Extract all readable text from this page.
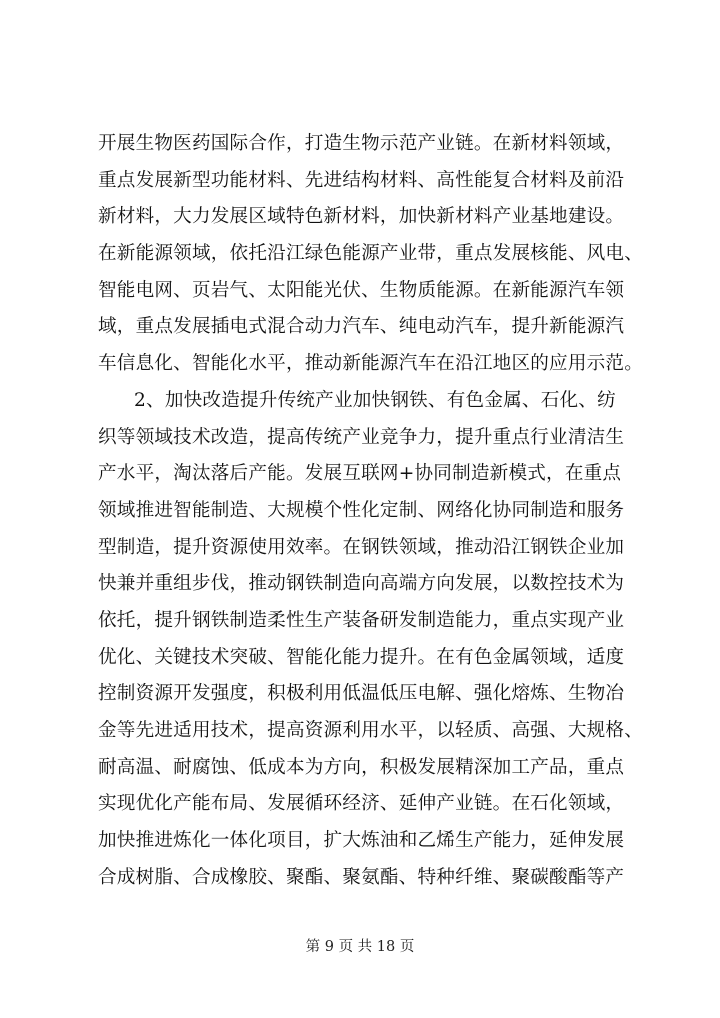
开展生物医药国际合作，打造生物示范产业链。在新材料领域，
重点发展新型功能材料、先进结构材料、高性能复合材料及前沿
新材料，大力发展区域特色新材料，加快新材料产业基地建设。
在新能源领域，依托沿江绿色能源产业带，重点发展核能、风电、
智能电网、页岩气、太阳能光伏、生物质能源。在新能源汽车领
域，重点发展插电式混合动力汽车、纯电动汽车，提升新能源汽
车信息化、智能化水平，推动新能源汽车在沿江地区的应用示范。
2、加快改造提升传统产业加快钢铁、有色金属、石化、纺
织等领域技术改造，提高传统产业竞争力，提升重点行业清洁生
产水平，淘汰落后产能。发展互联网+协同制造新模式，在重点
领域推进智能制造、大规模个性化定制、网络化协同制造和服务
型制造，提升资源使用效率。在钢铁领域，推动沿江钢铁企业加
快兼并重组步伐，推动钢铁制造向高端方向发展，以数控技术为
依托，提升钢铁制造柔性生产装备研发制造能力，重点实现产业
优化、关键技术突破、智能化能力提升。在有色金属领域，适度
控制资源开发强度，积极利用低温低压电解、强化熔炼、生物冶
金等先进适用技术，提高资源利用水平，以轻质、高强、大规格、
耐高温、耐腐蚀、低成本为方向，积极发展精深加工产品，重点
实现优化产能布局、发展循环经济、延伸产业链。在石化领域，
加快推进炼化一体化项目，扩大炼油和乙烯生产能力，延伸发展
合成树脂、合成橡胶、聚酯、聚氨酯、特种纤维、聚碳酸酯等产
第 9 页 共 18 页
